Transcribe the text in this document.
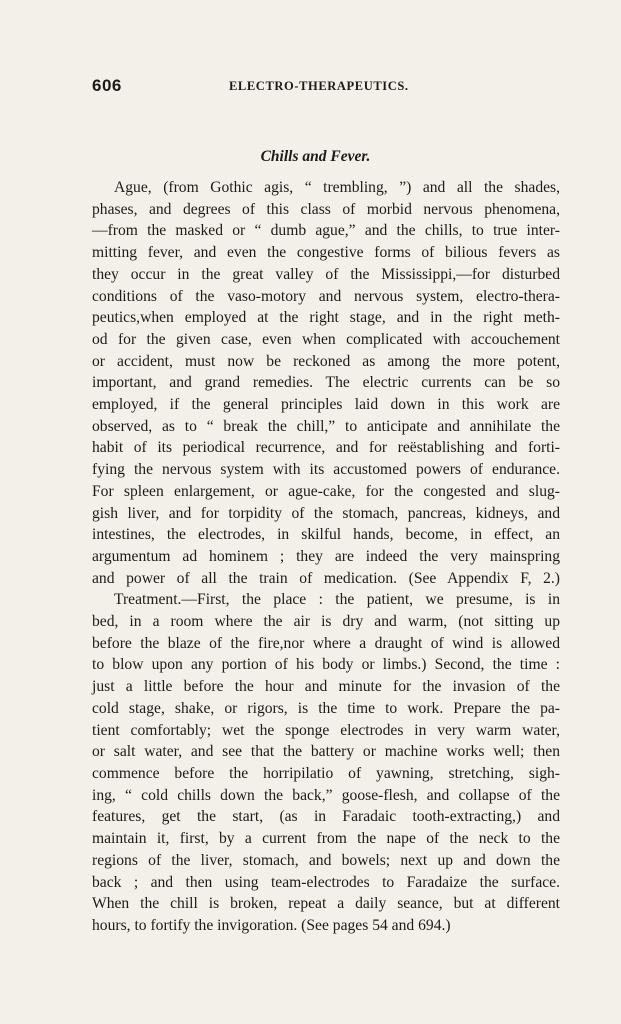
606	ELECTRO-THERAPEUTICS.
Chills and Fever.
Ague, (from Gothic agis, “ trembling, ”) and all the shades,
phases, and degrees of this class of morbid nervous phenomena,
—from the masked or “ dumb ague,” and the chills, to true inter-
mitting fever, and even the congestive forms of bilious fevers as
they occur in the great valley of the Mississippi,—for disturbed
conditions of the vaso-motory and nervous system, electro-thera-
peutics,when employed at the right stage, and in the right meth-
od for the given case, even when complicated with accouchement
or accident, must now be reckoned as among the more potent,
important, and grand remedies. The electric currents can be so
employed, if the general principles laid down in this work are
observed, as to “ break the chill,” to anticipate and annihilate the
habit of its periodical recurrence, and for reëstablishing and forti-
fying the nervous system with its accustomed powers of endurance.
For spleen enlargement, or ague-cake, for the congested and slug-
gish liver, and for torpidity of the stomach, pancreas, kidneys, and
intestines, the electrodes, in skilful hands, become, in effect, an
argumentum ad hominem ; they are indeed the very mainspring
and power of all the train of medication. (See Appendix F, 2.)
Treatment.—First, the place : the patient, we presume, is in
bed, in a room where the air is dry and warm, (not sitting up
before the blaze of the fire,nor where a draught of wind is allowed
to blow upon any portion of his body or limbs.) Second, the time :
just a little before the hour and minute for the invasion of the
cold stage, shake, or rigors, is the time to work. Prepare the pa-
tient comfortably; wet the sponge electrodes in very warm water,
or salt water, and see that the battery or machine works well; then
commence before the horripilatio of yawning, stretching, sigh-
ing, “ cold chills down the back,” goose-flesh, and collapse of the
features, get the start, (as in Faradaic tooth-extracting,) and
maintain it, first, by a current from the nape of the neck to the
regions of the liver, stomach, and bowels; next up and down the
back ; and then using team-electrodes to Faradaize the surface.
When the chill is broken, repeat a daily seance, but at different
hours, to fortify the invigoration. (See pages 54 and 694.)
